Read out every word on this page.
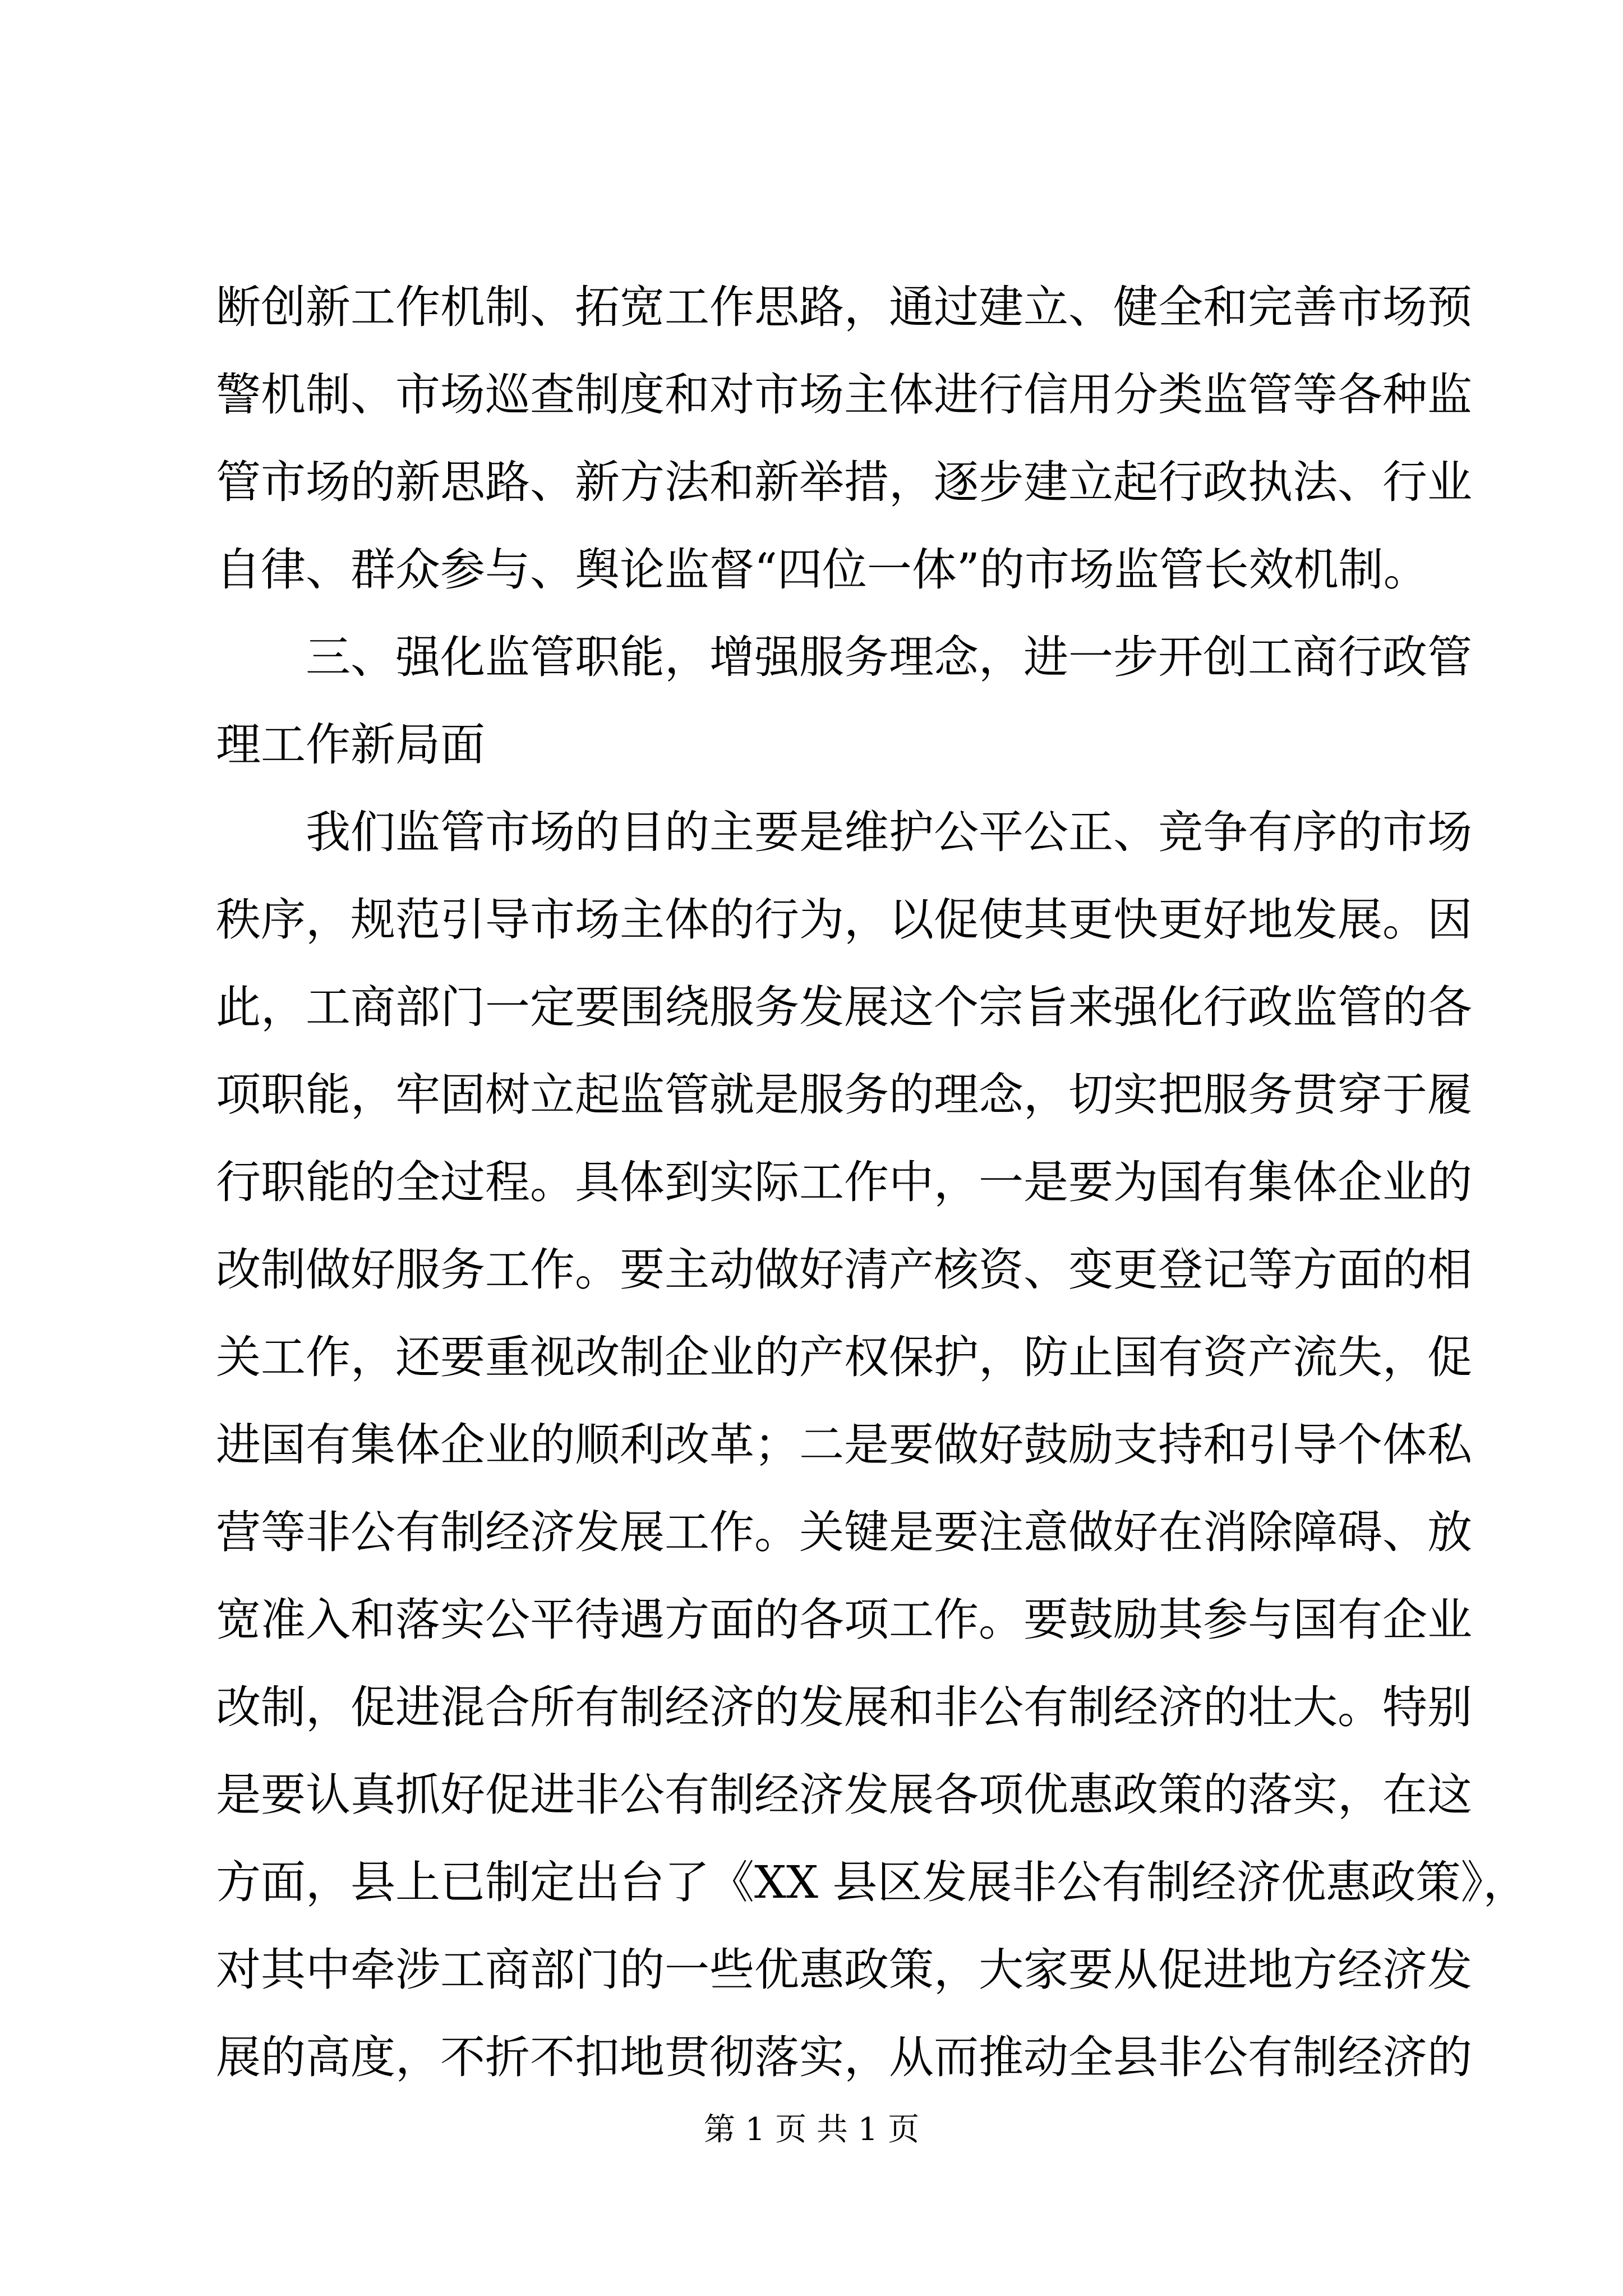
断创新工作机制、拓宽工作思路，通过建立、健全和完善市场预
警机制、市场巡查制度和对市场主体进行信用分类监管等各种监
管市场的新思路、新方法和新举措，逐步建立起行政执法、行业
自律、群众参与、舆论监督“四位一体”的市场监管长效机制。
三、强化监管职能，增强服务理念，进一步开创工商行政管
理工作新局面
我们监管市场的目的主要是维护公平公正、竞争有序的市场
秩序，规范引导市场主体的行为，以促使其更快更好地发展。因
此，工商部门一定要围绕服务发展这个宗旨来强化行政监管的各
项职能，牢固树立起监管就是服务的理念，切实把服务贯穿于履
行职能的全过程。具体到实际工作中，一是要为国有集体企业的
改制做好服务工作。要主动做好清产核资、变更登记等方面的相
关工作，还要重视改制企业的产权保护，防止国有资产流失，促
进国有集体企业的顺利改革；二是要做好鼓励支持和引导个体私
营等非公有制经济发展工作。关键是要注意做好在消除障碍、放
宽准入和落实公平待遇方面的各项工作。要鼓励其参与国有企业
改制，促进混合所有制经济的发展和非公有制经济的壮大。特别
是要认真抓好促进非公有制经济发展各项优惠政策的落实，在这
方面，县上已制定出台了《XX 县区发展非公有制经济优惠政策》，
对其中牵涉工商部门的一些优惠政策，大家要从促进地方经济发
展的高度，不折不扣地贯彻落实，从而推动全县非公有制经济的
第 1 页 共 1 页
